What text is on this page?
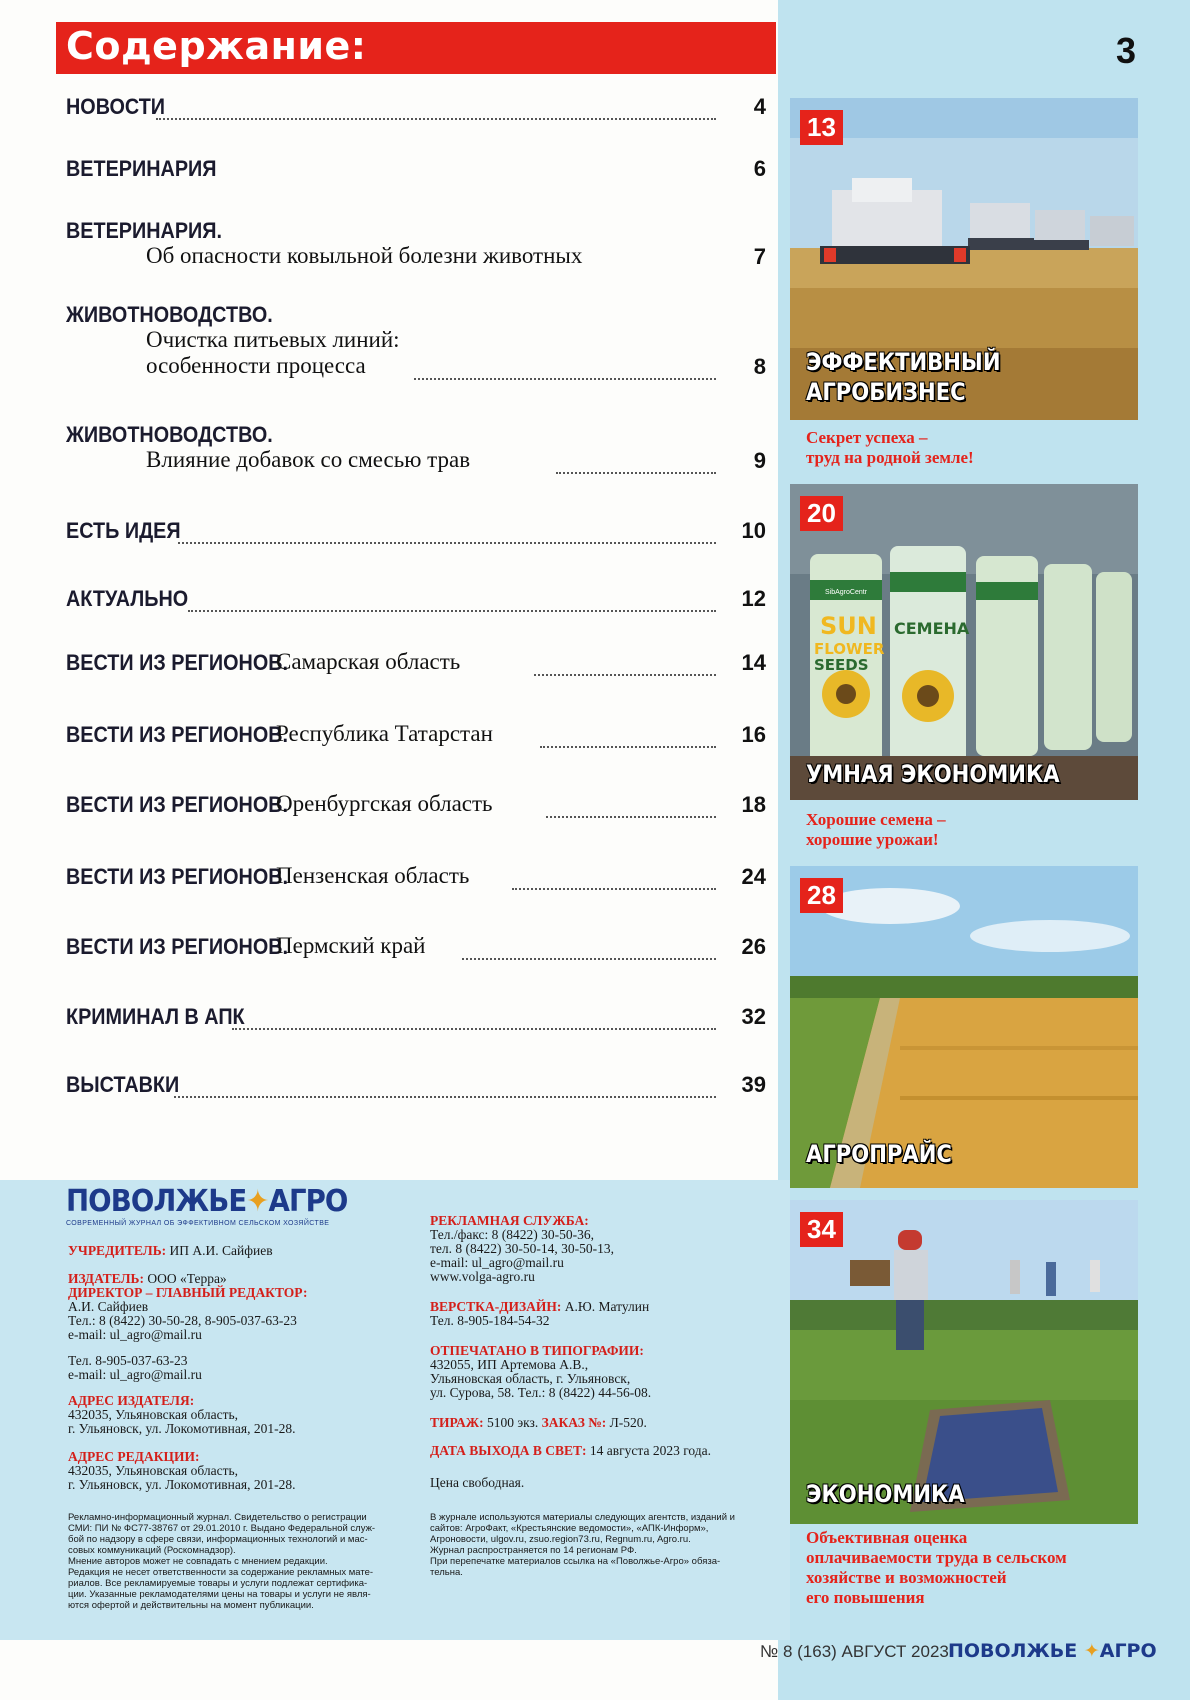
Содержание:	3
НОВОСТИ	4
ВЕТЕРИНАРИЯ	6
ВЕТЕРИНАРИЯ.
Об опасности ковыльной болезни животных	7
ЖИВОТНОВОДСТВО.
Очистка питьевых линий:
особенности процесса	8
ЖИВОТНОВОДСТВО.
Влияние добавок со смесью трав	9
ЕСТЬ ИДЕЯ	10
АКТУАЛЬНО	12
ВЕСТИ ИЗ РЕГИОНОВ.
Самарская область	14
ВЕСТИ ИЗ РЕГИОНОВ.
Республика Татарстан	16
ВЕСТИ ИЗ РЕГИОНОВ.
Оренбургская область	18
ВЕСТИ ИЗ РЕГИОНОВ.
Пензенская область	24
ВЕСТИ ИЗ РЕГИОНОВ.
Пермский край	26
КРИМИНАЛ В АПК	32
ВЫСТАВКИ	39
13
ЭФФЕКТИВНЫЙ
АГРОБИЗНЕС
Секрет успеха –
труд на родной земле!
SibAgroCentr
SUN
FLOWER
SEEDS
СЕМЕНА
20
УМНАЯ ЭКОНОМИКА
Хорошие семена –
хорошие урожаи!
28
АГРОПРАЙС
34
ЭКОНОМИКА
Объективная оценка
оплачиваемости труда в сельском
хозяйстве и возможностей
его повышения
ПОВОЛЖЬЕ✦АГРО
СОВРЕМЕННЫЙ ЖУРНАЛ ОБ ЭФФЕКТИВНОМ СЕЛЬСКОМ ХОЗЯЙСТВЕ
УЧРЕДИТЕЛЬ: ИП А.И. Сайфиев
ИЗДАТЕЛЬ: ООО «Терра»
ДИРЕКТОР – ГЛАВНЫЙ РЕДАКТОР:
А.И. Сайфиев
Тел.: 8 (8422) 30-50-28, 8-905-037-63-23
e-mail: ul_agro@mail.ru
Тел. 8-905-037-63-23
e-mail: ul_agro@mail.ru
АДРЕС ИЗДАТЕЛЯ:
432035, Ульяновская область,
г. Ульяновск, ул. Локомотивная, 201-28.
АДРЕС РЕДАКЦИИ:
432035, Ульяновская область,
г. Ульяновск, ул. Локомотивная, 201-28.
РЕКЛАМНАЯ СЛУЖБА:
Тел./факс: 8 (8422) 30-50-36,
тел. 8 (8422) 30-50-14, 30-50-13,
e-mail: ul_agro@mail.ru
www.volga-agro.ru
ВЕРСТКА-ДИЗАЙН: А.Ю. Матулин
Тел. 8-905-184-54-32
ОТПЕЧАТАНО В ТИПОГРАФИИ:
432055, ИП Артемова А.В.,
Ульяновская область, г. Ульяновск,
ул. Сурова, 58. Тел.: 8 (8422) 44-56-08.
ТИРАЖ: 5100 экз. ЗАКАЗ №: Л-520.
ДАТА ВЫХОДА В СВЕТ: 14 августа 2023 года.
Цена свободная.
Рекламно-информационный журнал. Свидетельство о регистрации
СМИ: ПИ № ФС77-38767 от 29.01.2010 г. Выдано Федеральной служ-
бой по надзору в сфере связи, информационных технологий и мас-
совых коммуникаций (Роскомнадзор).
Мнение авторов может не совпадать с мнением редакции.
Редакция не несет ответственности за содержание рекламных мате-
риалов. Все рекламируемые товары и услуги подлежат сертифика-
ции. Указанные рекламодателями цены на товары и услуги не явля-
ются офертой и действительны на момент публикации.
В журнале используются материалы следующих агентств, изданий и
сайтов: АгроФакт, «Крестьянские ведомости», «АПК-Информ»,
Агроновости, ulgov.ru, zsuo.region73.ru, Regnum.ru, Agro.ru.
Журнал распространяется по 14 регионам РФ.
При перепечатке материалов ссылка на «Поволжье-Агро» обяза-
тельна.
№ 8 (163) АВГУСТ 2023 ПОВОЛЖЬЕ ✦АГРО
